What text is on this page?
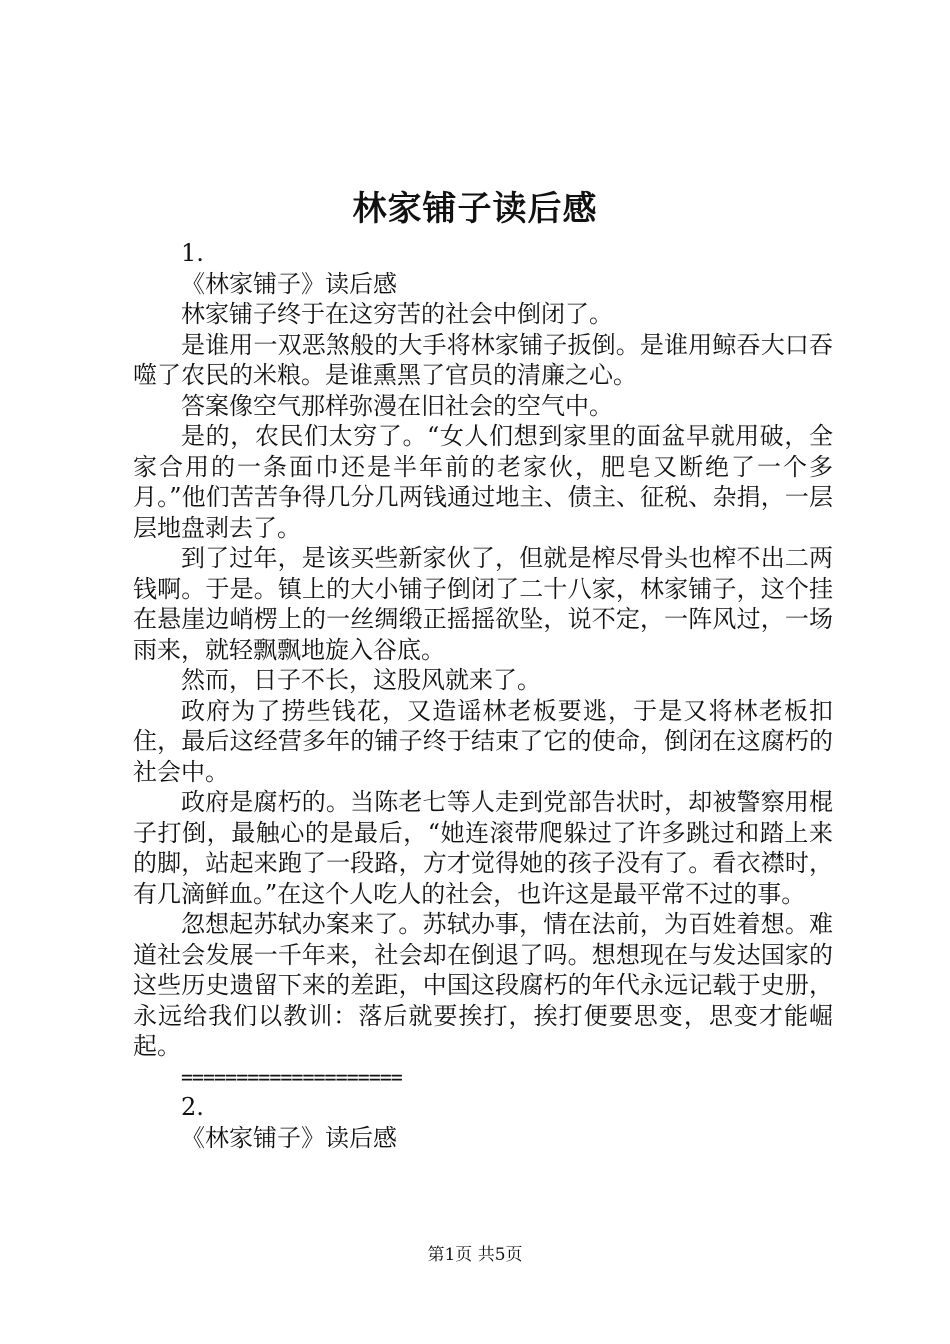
林家铺子读后感

1.

《林家铺子》读后感

林家铺子终于在这穷苦的社会中倒闭了。

是谁用一双恶煞般的大手将林家铺子扳倒。是谁用鲸吞大口吞噬了农民的米粮。是谁熏黑了官员的清廉之心。

答案像空气那样弥漫在旧社会的空气中。

是的，农民们太穷了。“女人们想到家里的面盆早就用破，全家合用的一条面巾还是半年前的老家伙，肥皂又断绝了一个多月。”他们苦苦争得几分几两钱通过地主、债主、征税、杂捐，一层层地盘剥去了。

到了过年，是该买些新家伙了，但就是榨尽骨头也榨不出二两钱啊。于是。镇上的大小铺子倒闭了二十八家，林家铺子，这个挂在悬崖边峭楞上的一丝绸缎正摇摇欲坠，说不定，一阵风过，一场雨来，就轻飘飘地旋入谷底。

然而，日子不长，这股风就来了。

政府为了捞些钱花，又造谣林老板要逃，于是又将林老板扣住，最后这经营多年的铺子终于结束了它的使命，倒闭在这腐朽的社会中。

政府是腐朽的。当陈老七等人走到党部告状时，却被警察用棍子打倒，最触心的是最后，“她连滚带爬躲过了许多跳过和踏上来的脚，站起来跑了一段路，方才觉得她的孩子没有了。看衣襟时，有几滴鲜血。”在这个人吃人的社会，也许这是最平常不过的事。

忽想起苏轼办案来了。苏轼办事，情在法前，为百姓着想。难道社会发展一千年来，社会却在倒退了吗。想想现在与发达国家的这些历史遗留下来的差距，中国这段腐朽的年代永远记载于史册，永远给我们以教训：落后就要挨打，挨打便要思变，思变才能崛起。

====================

2.

《林家铺子》读后感

第1页 共5页
